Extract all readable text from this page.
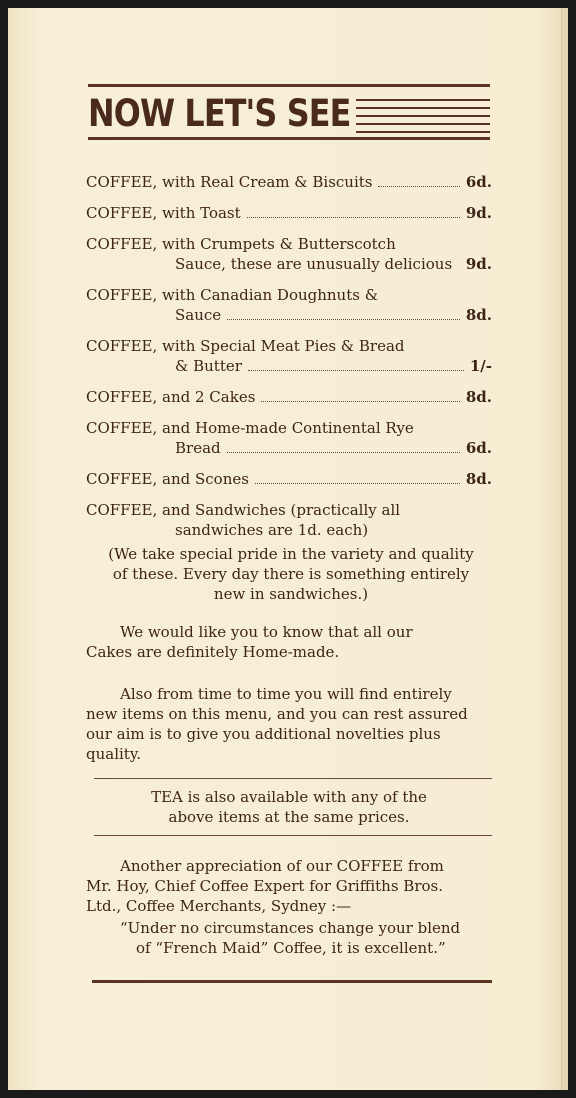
NOW LET'S SEE
COFFEE, with Real Cream & Biscuits	6d.
COFFEE, with Toast	9d.
COFFEE, with Crumpets & Butterscotch
Sauce, these are unusually delicious 9d.
COFFEE, with Canadian Doughnuts &
Sauce	8d.
COFFEE, with Special Meat Pies & Bread
& Butter	1/-
COFFEE, and 2 Cakes	8d.
COFFEE, and Home-made Continental Rye
Bread	6d.
COFFEE, and Scones	8d.
COFFEE, and Sandwiches (practically all
sandwiches are 1d. each)
(We take special pride in the variety and quality
of these. Every day there is something entirely
new in sandwiches.)
We would like you to know that all our
Cakes are definitely Home-made.
Also from time to time you will find entirely
new items on this menu, and you can rest assured
our aim is to give you additional novelties plus
quality.
TEA is also available with any of the
above items at the same prices.
Another appreciation of our COFFEE from
Mr. Hoy, Chief Coffee Expert for Griffiths Bros.
Ltd., Coffee Merchants, Sydney :—
“Under no circumstances change your blend
of “French Maid” Coffee, it is excellent.”
